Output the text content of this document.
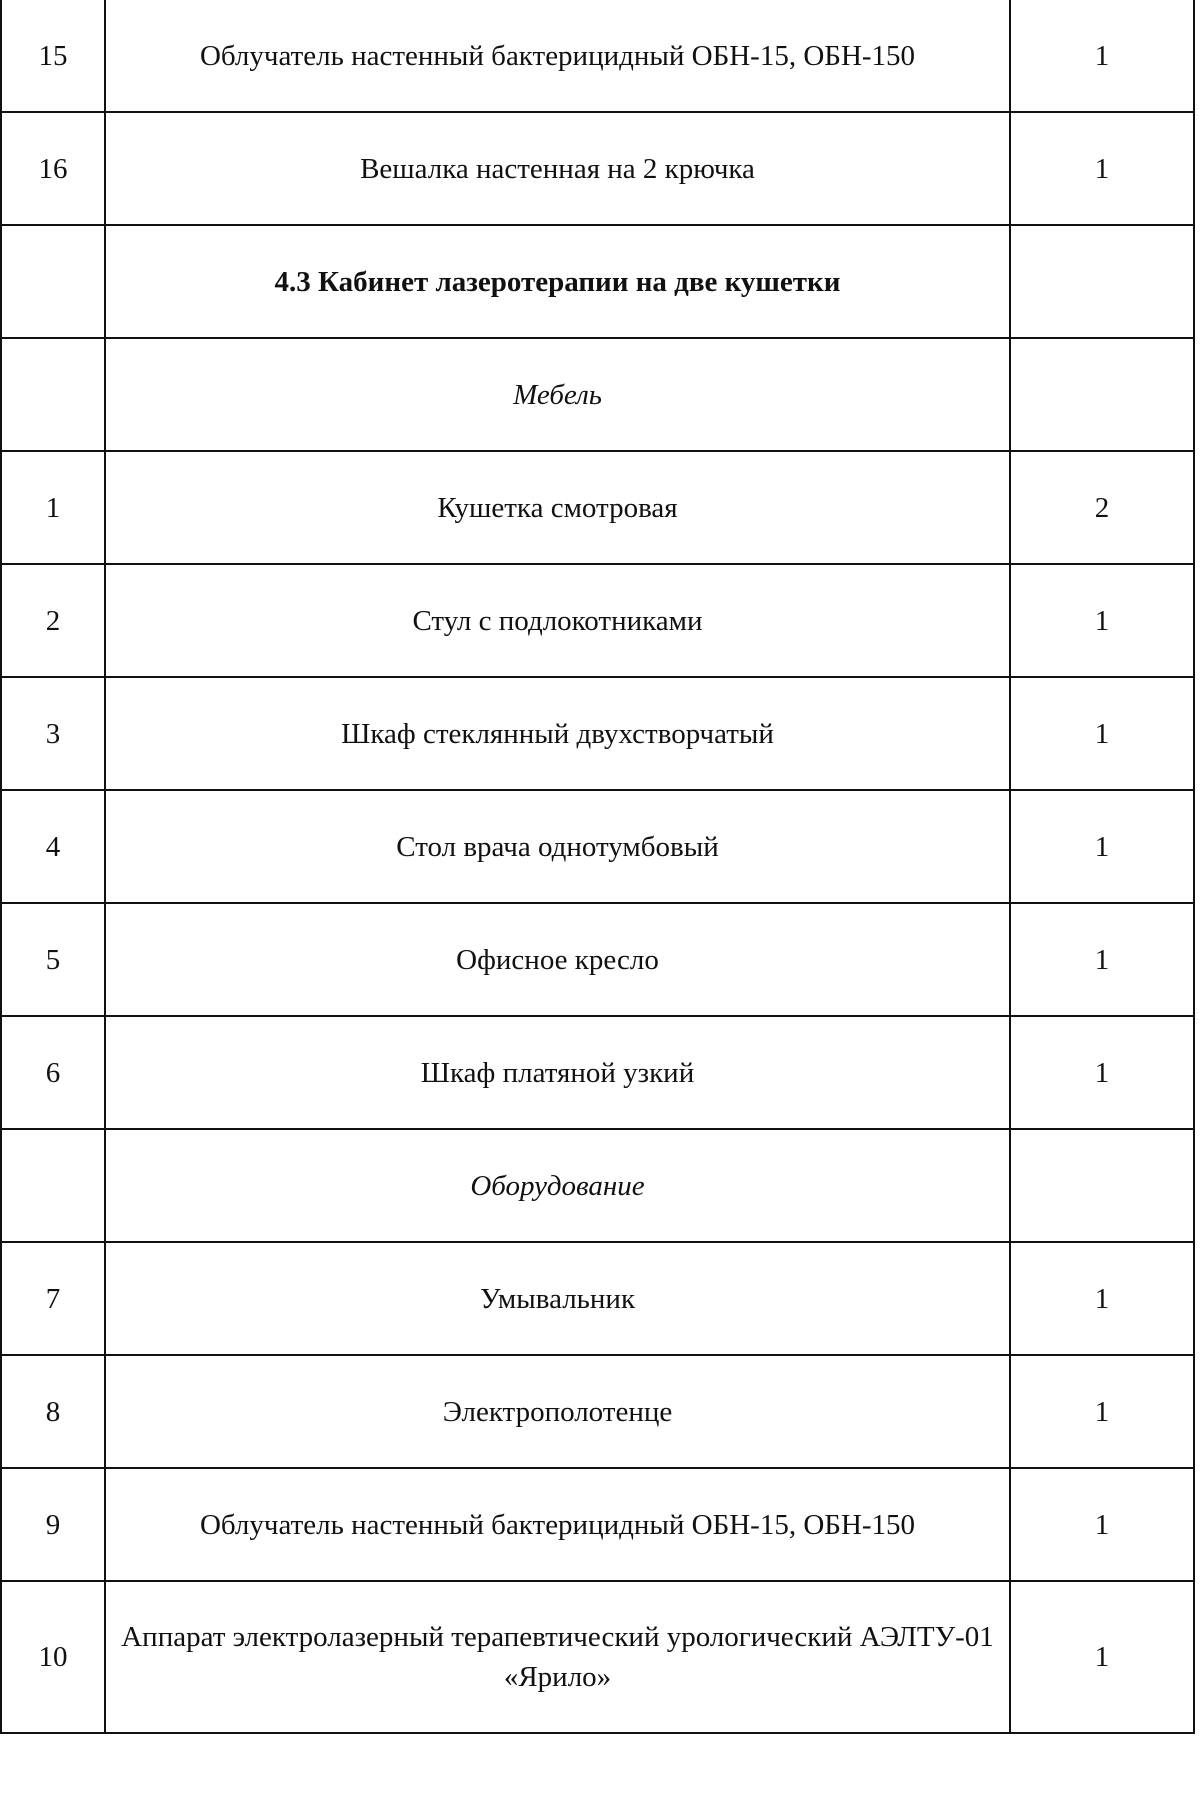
15	Облучатель настенный бактерицидный ОБН-15, ОБН-150	1
16	Вешалка настенная на 2 крючка	1
	4.3 Кабинет лазеротерапии на две кушетки	
	Мебель	
1	Кушетка смотровая	2
2	Стул с подлокотниками	1
3	Шкаф стеклянный двухстворчатый	1
4	Стол врача однотумбовый	1
5	Офисное кресло	1
6	Шкаф платяной узкий	1
	Оборудование	
7	Умывальник	1
8	Электрополотенце	1
9	Облучатель настенный бактерицидный ОБН-15, ОБН-150	1
10	Аппарат электролазерный терапевтический урологический АЭЛТУ-01 «Ярило»	1
